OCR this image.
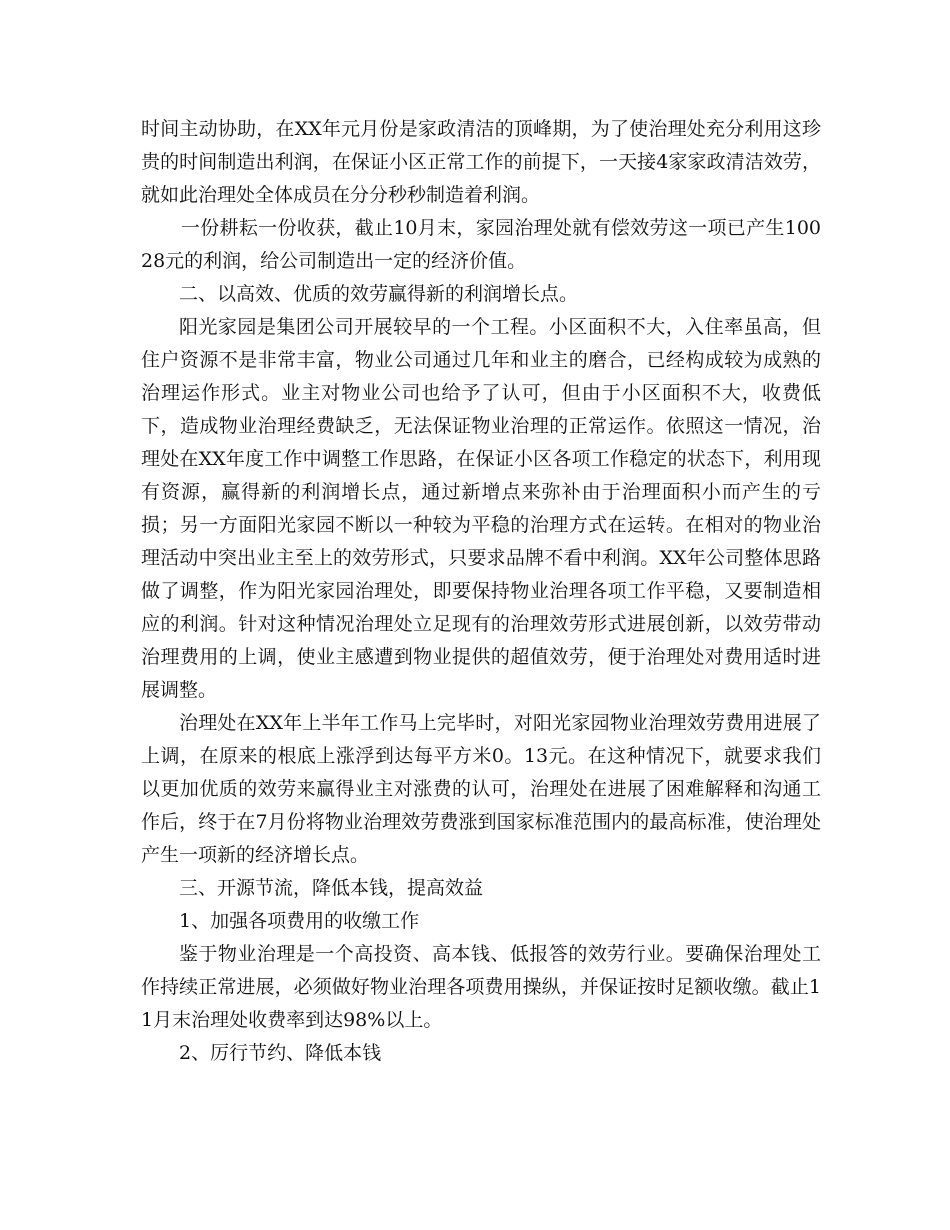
时间主动协助，在XX年元月份是家政清洁的顶峰期，为了使治理处充分利用这珍贵的时间制造出利润，在保证小区正常工作的前提下，一天接4家家政清洁效劳，就如此治理处全体成员在分分秒秒制造着利润。

一份耕耘一份收获，截止10月末，家园治理处就有偿效劳这一项已产生10028元的利润，给公司制造出一定的经济价值。

二、以高效、优质的效劳赢得新的利润增长点。

阳光家园是集团公司开展较早的一个工程。小区面积不大，入住率虽高，但住户资源不是非常丰富，物业公司通过几年和业主的磨合，已经构成较为成熟的治理运作形式。业主对物业公司也给予了认可，但由于小区面积不大，收费低下，造成物业治理经费缺乏，无法保证物业治理的正常运作。依照这一情况，治理处在XX年度工作中调整工作思路，在保证小区各项工作稳定的状态下，利用现有资源，赢得新的利润增长点，通过新增点来弥补由于治理面积小而产生的亏损；另一方面阳光家园不断以一种较为平稳的治理方式在运转。在相对的物业治理活动中突出业主至上的效劳形式，只要求品牌不看中利润。XX年公司整体思路做了调整，作为阳光家园治理处，即要保持物业治理各项工作平稳，又要制造相应的利润。针对这种情况治理处立足现有的治理效劳形式进展创新，以效劳带动治理费用的上调，使业主感遭到物业提供的超值效劳，便于治理处对费用适时进展调整。

治理处在XX年上半年工作马上完毕时，对阳光家园物业治理效劳费用进展了上调，在原来的根底上涨浮到达每平方米0。13元。在这种情况下，就要求我们以更加优质的效劳来赢得业主对涨费的认可，治理处在进展了困难解释和沟通工作后，终于在7月份将物业治理效劳费涨到国家标准范围内的最高标准，使治理处产生一项新的经济增长点。

三、开源节流，降低本钱，提高效益

1、加强各项费用的收缴工作

鉴于物业治理是一个高投资、高本钱、低报答的效劳行业。要确保治理处工作持续正常进展，必须做好物业治理各项费用操纵，并保证按时足额收缴。截止11月末治理处收费率到达98%以上。

2、厉行节约、降低本钱
